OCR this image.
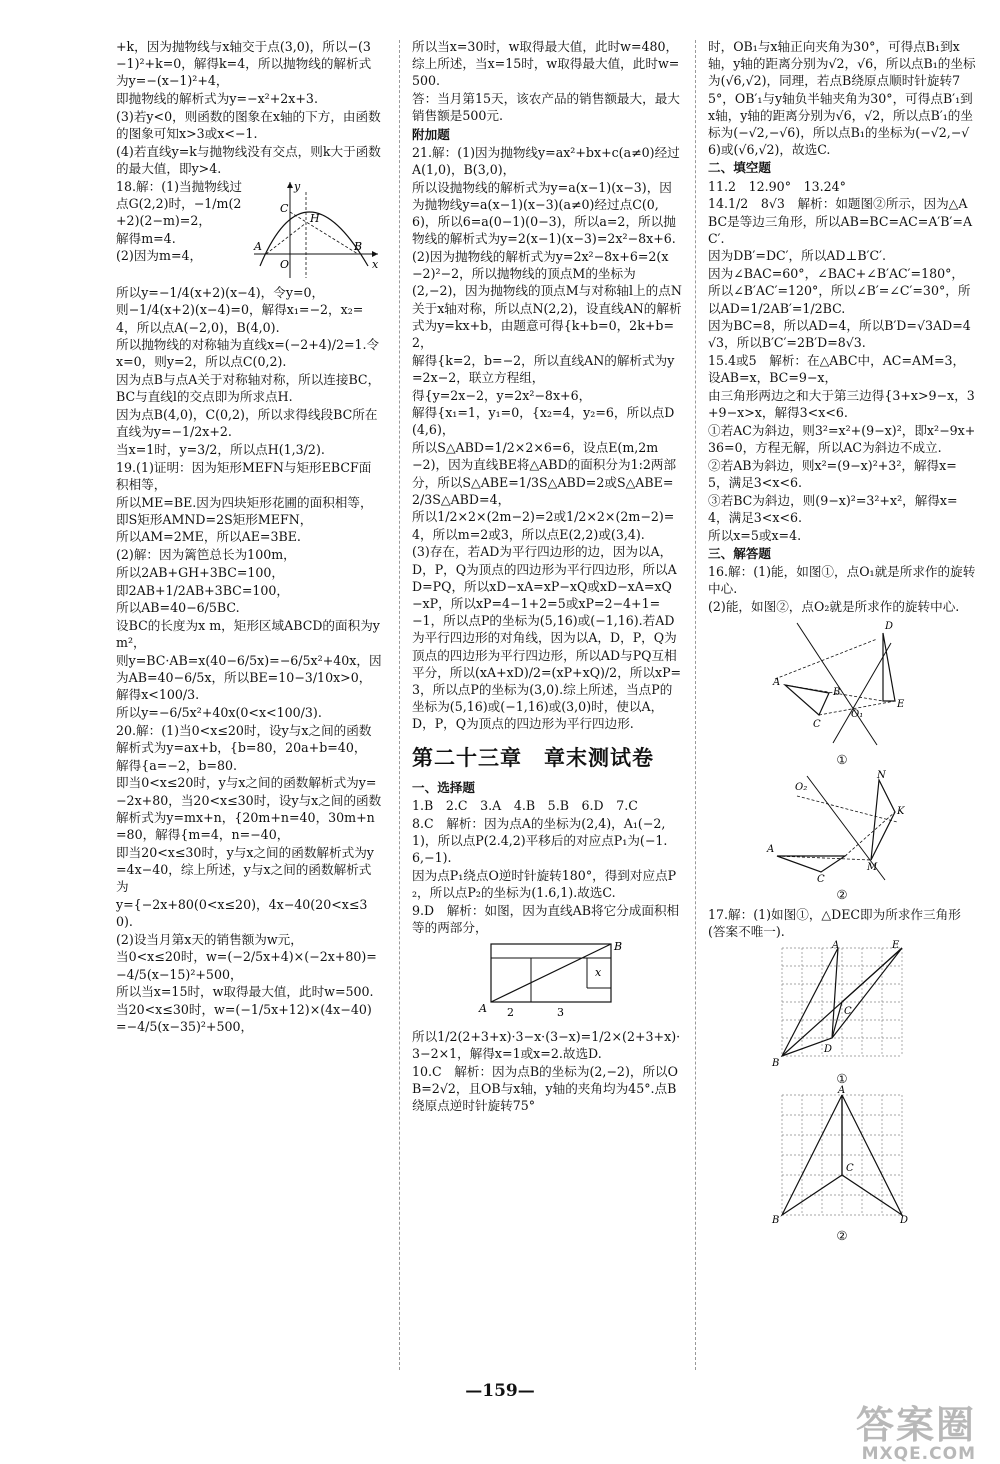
+k，因为抛物线与x轴交于点(3,0)，所以−(3−1)²+k=0，解得k=4，所以抛物线的解析式为y=−(x−1)²+4，

即抛物线的解析式为y=−x²+2x+3.

(3)若y<0，则函数的图象在x轴的下方，由函数的图象可知x>3或x<−1.

(4)若直线y=k与抛物线没有交点，则k大于函数的最大值，即y>4.

y
x
O
A	B
C
H

18.解：(1)当抛物线过点G(2,2)时，−1/m(2+2)(2−m)=2，

解得m=4.

(2)因为m=4，

所以y=−1/4(x+2)(x−4)，令y=0，

则−1/4(x+2)(x−4)=0，解得x₁=−2，x₂=4，所以点A(−2,0)，B(4,0).

所以抛物线的对称轴为直线x=(−2+4)/2=1.令x=0，则y=2，所以点C(0,2).

因为点B与点A关于对称轴对称，所以连接BC，BC与直线l的交点即为所求点H.

因为点B(4,0)，C(0,2)，所以求得线段BC所在直线为y=−1/2x+2.

当x=1时，y=3/2，所以点H(1,3/2).

19.(1)证明：因为矩形MEFN与矩形EBCF面积相等，

所以ME=BE.因为四块矩形花圃的面积相等，即S矩形AMND=2S矩形MEFN，

所以AM=2ME，所以AE=3BE.

(2)解：因为篱笆总长为100m，

所以2AB+GH+3BC=100，

即2AB+1/2AB+3BC=100，

所以AB=40−6/5BC.

设BC的长度为x m，矩形区域ABCD的面积为y m²，

则y=BC·AB=x(40−6/5x)=−6/5x²+40x，因为AB=40−6/5x，所以BE=10−3/10x>0，解得x<100/3.

所以y=−6/5x²+40x(0<x<100/3).

20.解：(1)当0<x≤20时，设y与x之间的函数解析式为y=ax+b，{b=80，20a+b=40，

解得{a=−2，b=80.

即当0<x≤20时，y与x之间的函数解析式为y=−2x+80，当20<x≤30时，设y与x之间的函数解析式为y=mx+n，{20m+n=40，30m+n=80，解得{m=4，n=−40，

即当20<x≤30时，y与x之间的函数解析式为y=4x−40，综上所述，y与x之间的函数解析式为

y={−2x+80(0<x≤20)，4x−40(20<x≤30).

(2)设当月第x天的销售额为w元，

当0<x≤20时，w=(−2/5x+4)×(−2x+80)=−4/5(x−15)²+500，

所以当x=15时，w取得最大值，此时w=500.

当20<x≤30时，w=(−1/5x+12)×(4x−40)=−4/5(x−35)²+500，

所以当x=30时，w取得最大值，此时w=480，综上所述，当x=15时，w取得最大值，此时w=500.

答：当月第15天，该农产品的销售额最大，最大销售额是500元.

附加题

21.解：(1)因为抛物线y=ax²+bx+c(a≠0)经过A(1,0)，B(3,0)，

所以设抛物线的解析式为y=a(x−1)(x−3)，因为抛物线y=a(x−1)(x−3)(a≠0)经过点C(0,6)，所以6=a(0−1)(0−3)，所以a=2，所以抛物线的解析式为y=2(x−1)(x−3)=2x²−8x+6.

(2)因为抛物线的解析式为y=2x²−8x+6=2(x−2)²−2，所以抛物线的顶点M的坐标为(2,−2)，因为抛物线的顶点M与对称轴l上的点N关于x轴对称，所以点N(2,2)，设直线AN的解析式为y=kx+b，由题意可得{k+b=0，2k+b=2，

解得{k=2，b=−2，所以直线AN的解析式为y=2x−2，联立方程组，

得{y=2x−2，y=2x²−8x+6，

解得{x₁=1，y₁=0，{x₂=4，y₂=6，所以点D(4,6)，

所以S△ABD=1/2×2×6=6，设点E(m,2m−2)，因为直线BE将△ABD的面积分为1:2两部分，所以S△ABE=1/3S△ABD=2或S△ABE=2/3S△ABD=4，

所以1/2×2×(2m−2)=2或1/2×2×(2m−2)=4，所以m=2或3，所以点E(2,2)或(3,4).

(3)存在，若AD为平行四边形的边，因为以A，D，P，Q为顶点的四边形为平行四边形，所以AD=PQ，所以xD−xA=xP−xQ或xD−xA=xQ−xP，所以xP=4−1+2=5或xP=2−4+1=−1，所以点P的坐标为(5,16)或(−1,16).若AD为平行四边形的对角线，因为以A，D，P，Q为顶点的四边形为平行四边形，所以AD与PQ互相平分，所以(xA+xD)/2=(xP+xQ)/2，所以xP=3，所以点P的坐标为(3,0).综上所述，当点P的坐标为(5,16)或(−1,16)或(3,0)时，使以A，D，P，Q为顶点的四边形为平行四边形.

第二十三章　章末测试卷

一、选择题

1.B　2.C　3.A　4.B　5.B　6.D　7.C

8.C　解析：因为点A的坐标为(2,4)，A₁(−2,1)，所以点P(2.4,2)平移后的对应点P₁为(−1.6,−1).

因为点P₁绕点O逆时针旋转180°，得到对应点P₂，所以点P₂的坐标为(1.6,1).故选C.

9.D　解析：如图，因为直线AB将它分成面积相等的两部分，

A
B
x
2	3

所以1/2(2+3+x)·3−x·(3−x)=1/2×(2+3+x)·3−2×1，解得x=1或x=2.故选D.

10.C　解析：因为点B的坐标为(2,−2)，所以OB=2√2，且OB与x轴，y轴的夹角均为45°.点B绕原点逆时针旋转75°

时，OB₁与x轴正向夹角为30°，可得点B₁到x轴，y轴的距离分别为√2，√6，所以点B₁的坐标为(√6,√2)，同理，若点B绕原点顺时针旋转75°，OB′₁与y轴负半轴夹角为30°，可得点B′₁到x轴，y轴的距离分别为√6，√2，所以点B′₁的坐标为(−√2,−√6)，所以点B₁的坐标为(−√2,−√6)或(√6,√2)，故选C.

二、填空题

11.2　12.90°　13.24°

14.1/2　8√3　解析：如题图②所示，因为△ABC是等边三角形，所以AB=BC=AC=A′B′=AC′.

因为DB′=DC′，所以AD⊥B′C′.

因为∠BAC=60°，∠BAC+∠B′AC′=180°，所以∠B′AC′=120°，所以∠B′=∠C′=30°，所以AD=1/2AB′=1/2BC.

因为BC=8，所以AD=4，所以B′D=√3AD=4√3，所以B′C′=2B′D=8√3.

15.4或5　解析：在△ABC中，AC=AM=3，设AB=x，BC=9−x，

由三角形两边之和大于第三边得{3+x>9−x，3+9−x>x，解得3<x<6.

①若AC为斜边，则3²=x²+(9−x)²，即x²−9x+36=0，方程无解，所以AC为斜边不成立.

②若AB为斜边，则x²=(9−x)²+3²，解得x=5，满足3<x<6.

③若BC为斜边，则(9−x)²=3²+x²，解得x=4，满足3<x<6.

所以x=5或x=4.

三、解答题

16.解：(1)能，如图①，点O₁就是所求作的旋转中心.

(2)能，如图②，点O₂就是所求作的旋转中心.

D
A
B
C
E
O₁

①

O₂
N
K
M
A
C

②

17.解：(1)如图①，△DEC即为所求作三角形(答案不唯一).

A	E
C
B
D

①

A
C
B	D

②

—159—
答案圈
MXQE.COM
